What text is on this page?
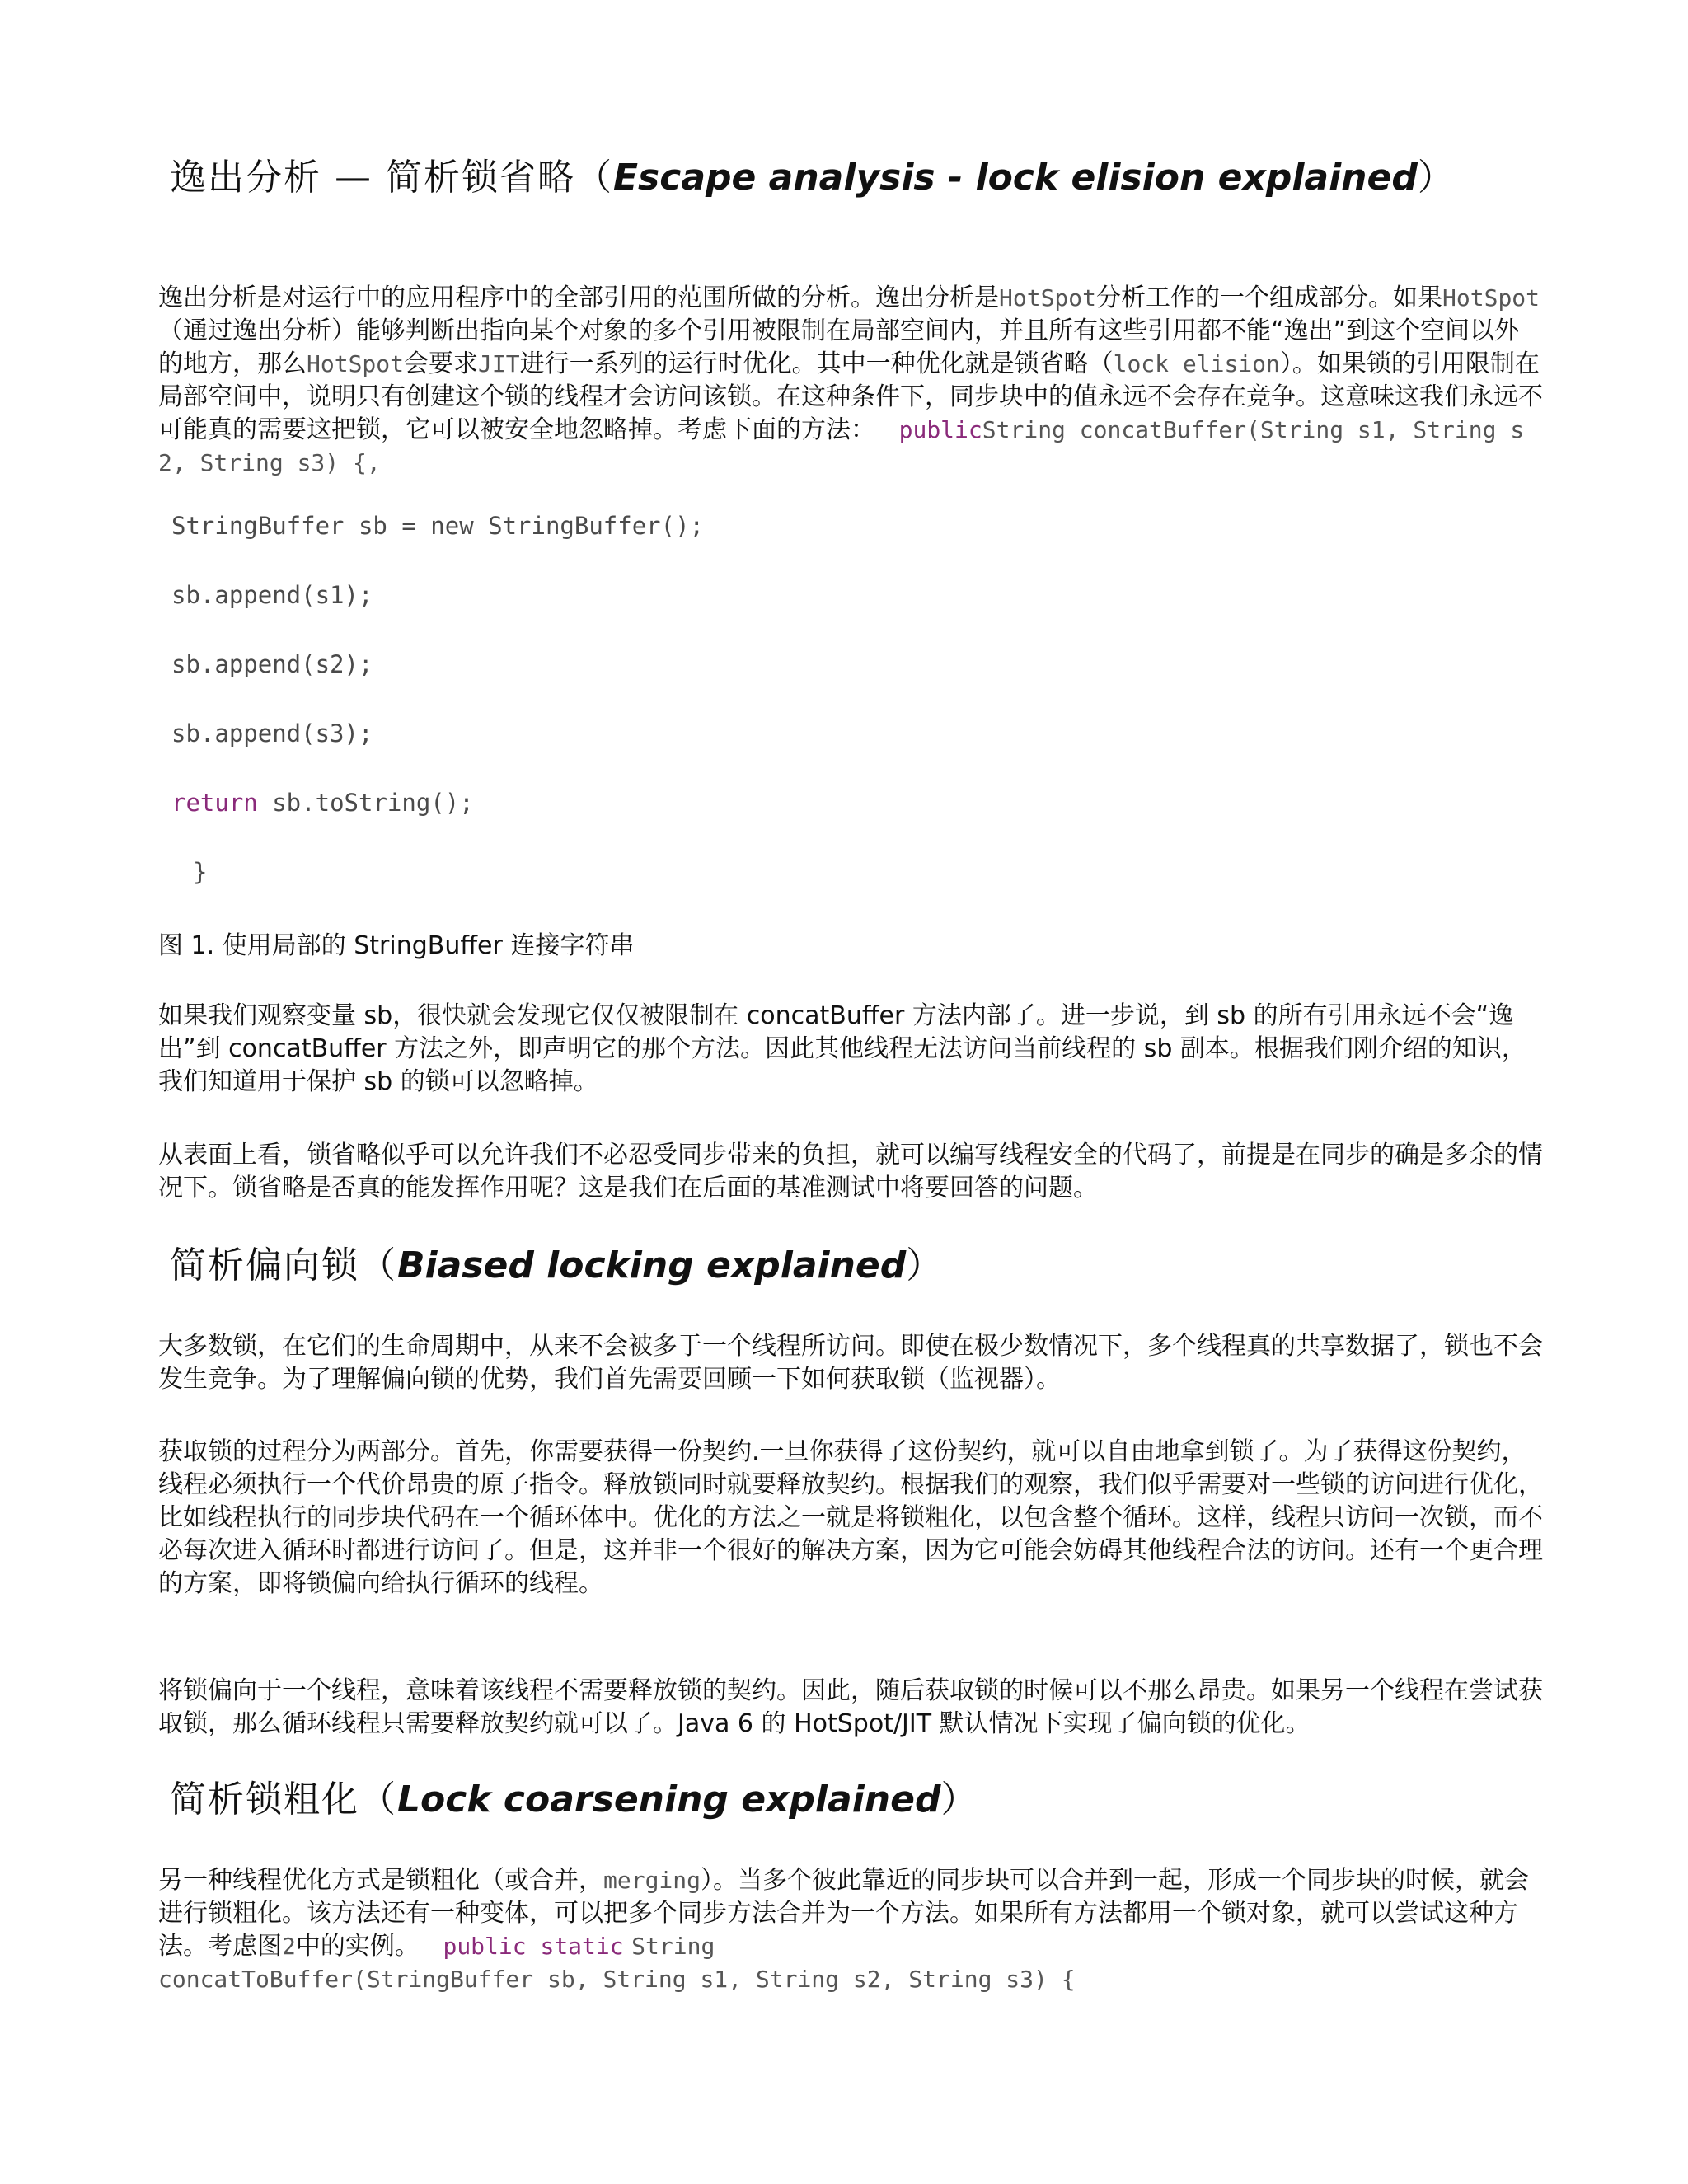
逸出分析 — 简析锁省略（Escape analysis - lock elision explained）

逸出分析是对运行中的应用程序中的全部引用的范围所做的分析。逸出分析是HotSpot分析工作的一个组成部分。如果HotSpot（通过逸出分析）能够判断出指向某个对象的多个引用被限制在局部空间内，并且所有这些引用都不能“逸出”到这个空间以外的地方，那么HotSpot会要求JIT进行一系列的运行时优化。其中一种优化就是锁省略（lock elision）。如果锁的引用限制在局部空间中，说明只有创建这个锁的线程才会访问该锁。在这种条件下，同步块中的值永远不会存在竞争。这意味这我们永远不可能真的需要这把锁，它可以被安全地忽略掉。考虑下面的方法： publicString concatBuffer(String s1, String s2, String s3) {,

StringBuffer sb = new StringBuffer();

sb.append(s1);

sb.append(s2);

sb.append(s3);

return sb.toString();

}

图 1. 使用局部的 StringBuffer 连接字符串

如果我们观察变量 sb，很快就会发现它仅仅被限制在 concatBuffer 方法内部了。进一步说，到 sb 的所有引用永远不会“逸出”到 concatBuffer 方法之外，即声明它的那个方法。因此其他线程无法访问当前线程的 sb 副本。根据我们刚介绍的知识，我们知道用于保护 sb 的锁可以忽略掉。

从表面上看，锁省略似乎可以允许我们不必忍受同步带来的负担，就可以编写线程安全的代码了，前提是在同步的确是多余的情况下。锁省略是否真的能发挥作用呢？这是我们在后面的基准测试中将要回答的问题。

简析偏向锁（Biased locking explained）

大多数锁，在它们的生命周期中，从来不会被多于一个线程所访问。即使在极少数情况下，多个线程真的共享数据了，锁也不会发生竞争。为了理解偏向锁的优势，我们首先需要回顾一下如何获取锁（监视器）。

获取锁的过程分为两部分。首先，你需要获得一份契约.一旦你获得了这份契约，就可以自由地拿到锁了。为了获得这份契约，线程必须执行一个代价昂贵的原子指令。释放锁同时就要释放契约。根据我们的观察，我们似乎需要对一些锁的访问进行优化，比如线程执行的同步块代码在一个循环体中。优化的方法之一就是将锁粗化，以包含整个循环。这样，线程只访问一次锁，而不必每次进入循环时都进行访问了。但是，这并非一个很好的解决方案，因为它可能会妨碍其他线程合法的访问。还有一个更合理的方案，即将锁偏向给执行循环的线程。

将锁偏向于一个线程，意味着该线程不需要释放锁的契约。因此，随后获取锁的时候可以不那么昂贵。如果另一个线程在尝试获取锁，那么循环线程只需要释放契约就可以了。Java 6 的 HotSpot/JIT 默认情况下实现了偏向锁的优化。

简析锁粗化（Lock coarsening explained）

另一种线程优化方式是锁粗化（或合并，merging）。当多个彼此靠近的同步块可以合并到一起，形成一个同步块的时候，就会进行锁粗化。该方法还有一种变体，可以把多个同步方法合并为一个方法。如果所有方法都用一个锁对象，就可以尝试这种方法。考虑图2中的实例。 public static String
concatToBuffer(StringBuffer sb, String s1, String s2, String s3) {
